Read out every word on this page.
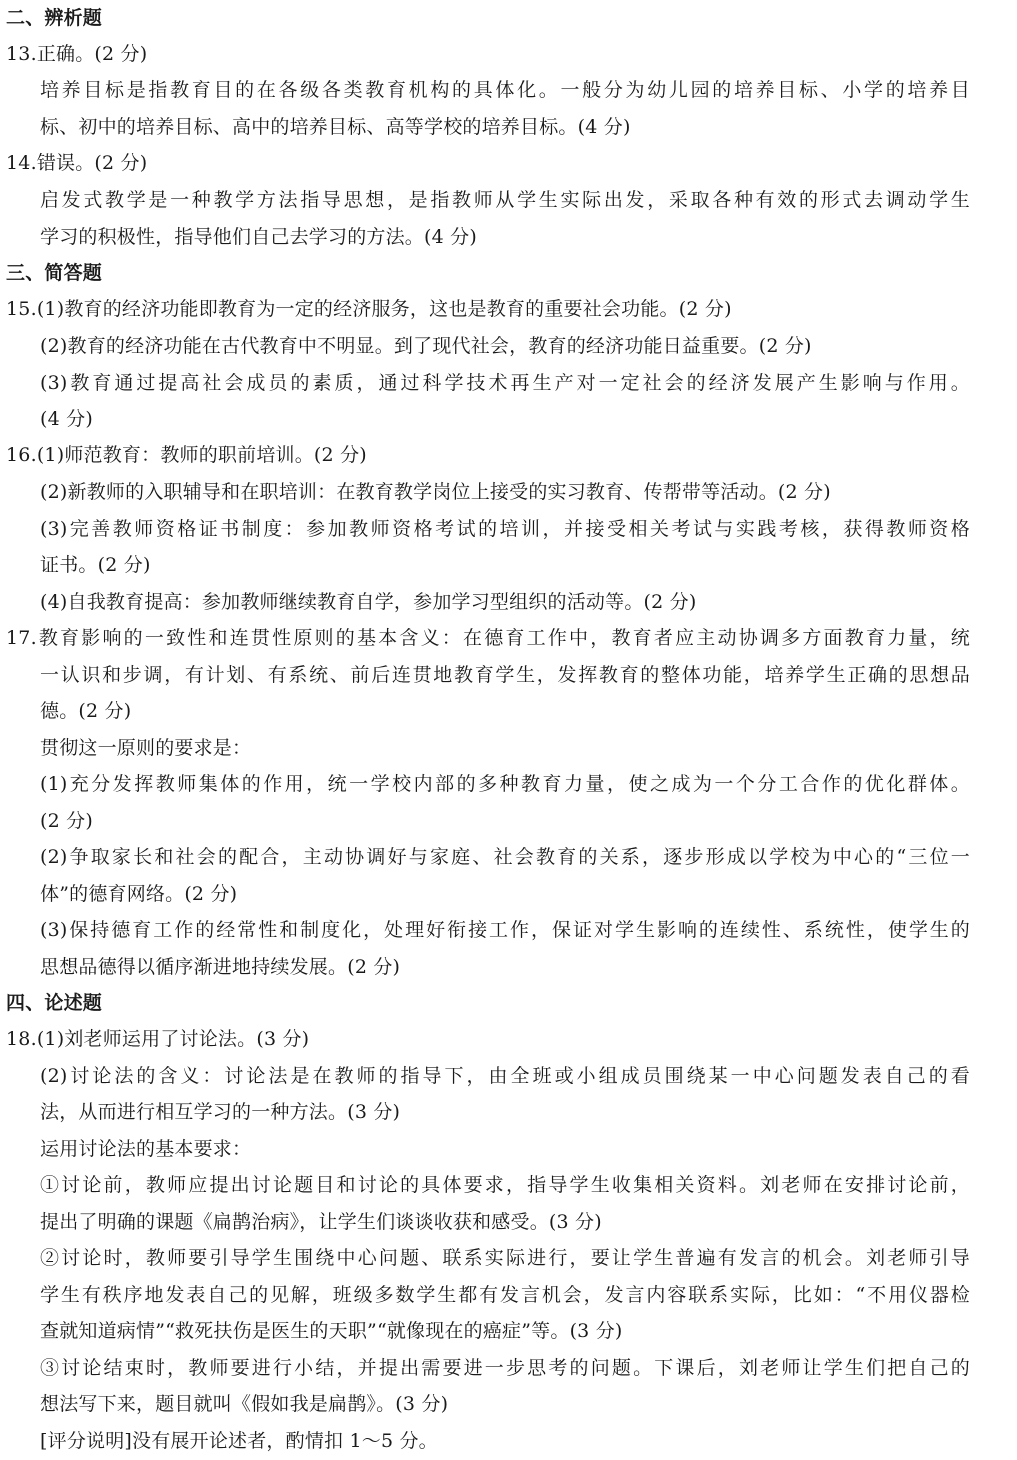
二、辨析题
13.正确。(2 分)
培养目标是指教育目的在各级各类教育机构的具体化。一般分为幼儿园的培养目标、小学的培养目
标、初中的培养目标、高中的培养目标、高等学校的培养目标。(4 分)
14.错误。(2 分)
启发式教学是一种教学方法指导思想，是指教师从学生实际出发，采取各种有效的形式去调动学生
学习的积极性，指导他们自己去学习的方法。(4 分)
三、简答题
15.(1)教育的经济功能即教育为一定的经济服务，这也是教育的重要社会功能。(2 分)
(2)教育的经济功能在古代教育中不明显。到了现代社会，教育的经济功能日益重要。(2 分)
(3)教育通过提高社会成员的素质，通过科学技术再生产对一定社会的经济发展产生影响与作用。
(4 分)
16.(1)师范教育：教师的职前培训。(2 分)
(2)新教师的入职辅导和在职培训：在教育教学岗位上接受的实习教育、传帮带等活动。(2 分)
(3)完善教师资格证书制度：参加教师资格考试的培训，并接受相关考试与实践考核，获得教师资格
证书。(2 分)
(4)自我教育提高：参加教师继续教育自学，参加学习型组织的活动等。(2 分)
17.教育影响的一致性和连贯性原则的基本含义：在德育工作中，教育者应主动协调多方面教育力量，统
一认识和步调，有计划、有系统、前后连贯地教育学生，发挥教育的整体功能，培养学生正确的思想品
德。(2 分)
贯彻这一原则的要求是：
(1)充分发挥教师集体的作用，统一学校内部的多种教育力量，使之成为一个分工合作的优化群体。
(2 分)
(2)争取家长和社会的配合，主动协调好与家庭、社会教育的关系，逐步形成以学校为中心的“三位一
体”的德育网络。(2 分)
(3)保持德育工作的经常性和制度化，处理好衔接工作，保证对学生影响的连续性、系统性，使学生的
思想品德得以循序渐进地持续发展。(2 分)
四、论述题
18.(1)刘老师运用了讨论法。(3 分)
(2)讨论法的含义：讨论法是在教师的指导下，由全班或小组成员围绕某一中心问题发表自己的看
法，从而进行相互学习的一种方法。(3 分)
运用讨论法的基本要求：
①讨论前，教师应提出讨论题目和讨论的具体要求，指导学生收集相关资料。刘老师在安排讨论前，
提出了明确的课题《扁鹊治病》，让学生们谈谈收获和感受。(3 分)
②讨论时，教师要引导学生围绕中心问题、联系实际进行，要让学生普遍有发言的机会。刘老师引导
学生有秩序地发表自己的见解，班级多数学生都有发言机会，发言内容联系实际，比如：“不用仪器检
查就知道病情”“救死扶伤是医生的天职”“就像现在的癌症”等。(3 分)
③讨论结束时，教师要进行小结，并提出需要进一步思考的问题。下课后，刘老师让学生们把自己的
想法写下来，题目就叫《假如我是扁鹊》。(3 分)
[评分说明]没有展开论述者，酌情扣 1～5 分。
